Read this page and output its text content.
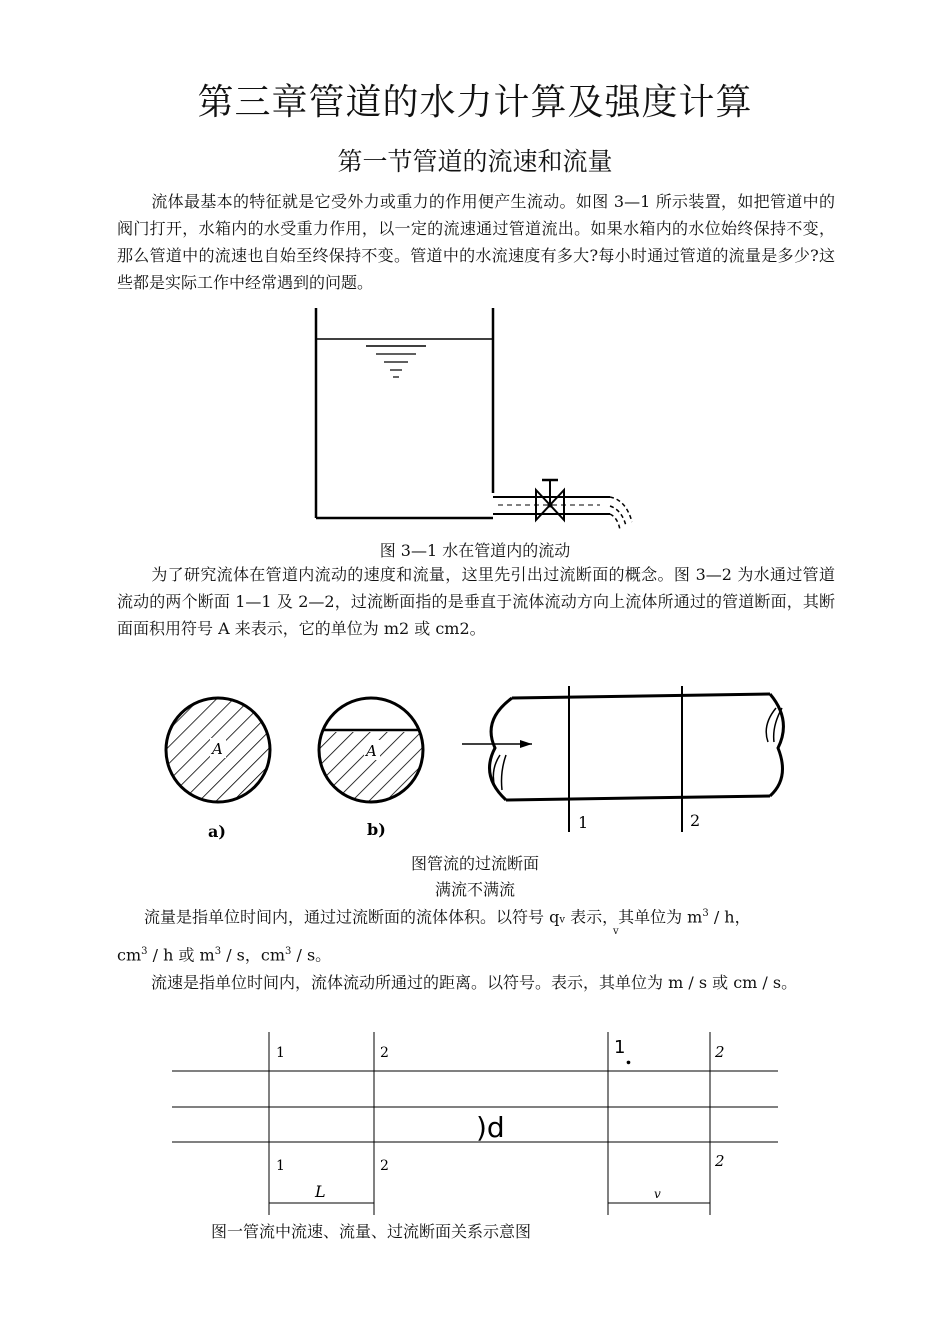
第三章管道的水力计算及强度计算
第一节管道的流速和流量
流体最基本的特征就是它受外力或重力的作用便产生流动。如图 3—1 所示装置，如把管道中的阀门打开，水箱内的水受重力作用，以一定的流速通过管道流出。如果水箱内的水位始终保持不变，那么管道中的流速也自始至终保持不变。管道中的水流速度有多大?每小时通过管道的流量是多少?这些都是实际工作中经常遇到的问题。
图 3—1 水在管道内的流动
为了研究流体在管道内流动的速度和流量，这里先引出过流断面的概念。图 3—2 为水通过管道流动的两个断面 1—1 及 2—2，过流断面指的是垂直于流体流动方向上流体所通过的管道断面，其断面面积用符号 A 来表示，它的单位为 m2 或 cm2。
A	A
a)	b)	1	2
图管流的过流断面
满流不满流
流量是指单位时间内，通过过流断面的流体体积。以符号 qv 表示，其单位为 $m^3$ / h，
v
$cm^3$ / h 或 $m^3$ / s，$cm^3$ / s。
流速是指单位时间内，流体流动所通过的距离。以符号。表示，其单位为 m / s 或 cm / s。
1	2	1 .	2
)d
1	2	2
L	v
图一管流中流速、流量、过流断面关系示意图
